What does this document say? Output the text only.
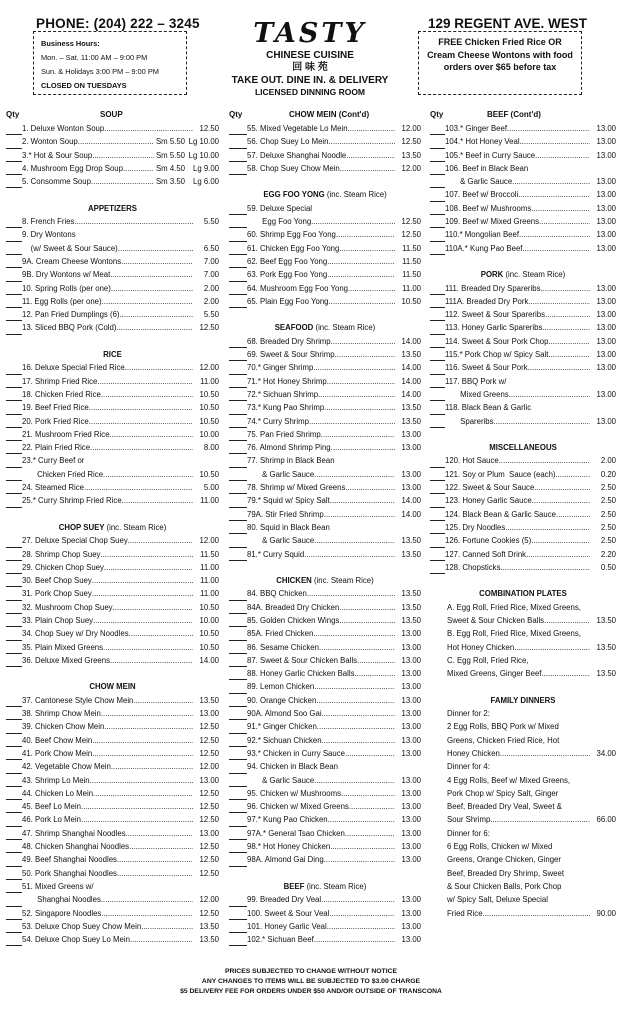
PHONE: (204) 222 – 3245	129 REGENT AVE. WEST
Business Hours:
Mon. – Sat. 11:00 AM – 9:00 PM
Sun. & Holidays 3:00 PM – 9:00 PM
CLOSED ON TUESDAYS
TASTY
CHINESE CUISINE
回 味 苑
TAKE OUT. DINE IN. & DELIVERY
LICENSED DINNING ROOM
FREE Chicken Fried Rice OR Cream Cheese Wontons with food orders over $65 before tax
Qty	SOUP	Qty	CHOW MEIN (Cont'd)	Qty	BEEF (Cont'd)
1. Deluxe Wonton Soup .....	12.50
2. Wonton Soup .....	Sm 5.50 Lg 10.00
3.* Hot & Sour Soup .....	Sm 5.50 Lg 10.00
4. Mushroom Egg Drop Soup .....	Sm 4.50	Lg 9.00
5. Consomme Soup .....	Sm 3.50	Lg 6.00
APPETIZERS
8. French Fries .....	5.50
9. Dry Wontons
(w/ Sweet & Sour Sauce) .....	6.50
9A. Cream Cheese Wontons .....	7.00
9B. Dry Wontons w/ Meat .....	7.00
10. Spring Rolls (per one) .....	2.00
11. Egg Rolls (per one) .....	2.00
12. Pan Fried Dumplings (6) .....	5.50
13. Sliced BBQ Pork (Cold) .....	12.50
RICE
16. Deluxe Special Fried Rice .....	12.00
17. Shrimp Fried Rice .....	11.00
18. Chicken Fried Rice .....	10.50
19. Beef Fried Rice .....	10.50
20. Pork Fried Rice .....	10.50
21. Mushroom Fried Rice .....	10.00
22. Plain Fried Rice .....	8.00
23.* Curry Beef or
Chicken Fried Rice .....	10.50
24. Steamed Rice .....	5.00
25.* Curry Shrimp Fried Rice .....	11.00
CHOP SUEY (inc. Steam Rice)
27. Deluxe Special Chop Suey .....	12.00
28. Shrimp Chop Suey .....	11.50
29. Chicken Chop Suey .....	11.00
30. Beef Chop Suey .....	11.00
31. Pork Chop Suey .....	11.00
32. Mushroom Chop Suey .....	10.50
33. Plain Chop Suey .....	10.00
34. Chop Suey w/ Dry Noodles .....	10.50
35. Plain Mixed Greens .....	10.50
36. Deluxe Mixed Greens .....	14.00
CHOW MEIN
37. Cantonese Style Chow Mein .....	13.50
38. Shrimp Chow Mein .....	13.00
39. Chicken Chow Mein .....	12.50
40. Beef Chow Mein .....	12.50
41. Pork Chow Mein .....	12.50
42. Vegetable Chow Mein .....	12.00
43. Shrimp Lo Mein .....	13.00
44. Chicken Lo Mein .....	12.50
45. Beef Lo Mein .....	12.50
46. Pork Lo Mein .....	12.50
47. Shrimp Shanghai Noodles .....	13.00
48. Chicken Shanghai Noodles .....	12.50
49. Beef Shanghai Noodles .....	12.50
50. Pork Shanghai Noodles .....	12.50
51. Mixed Greens w/
Shanghai Noodles .....	12.00
52. Singapore Noodles .....	12.50
53. Deluxe Chop Suey Chow Mein .....	13.50
54. Deluxe Chop Suey Lo Mein .....	13.50
55. Mixed Vegetable Lo Mein .....	12.00
56. Chop Suey Lo Mein .....	12.50
57. Deluxe Shanghai Noodle .....	13.50
58. Chop Suey Chow Mein .....	12.00
EGG FOO YONG (inc. Steam Rice)
59. Deluxe Special
Egg Foo Yong .....	12.50
60. Shrimp Egg Foo Yong .....	12.50
61. Chicken Egg Foo Yong .....	11.50
62. Beef Egg Foo Yong .....	11.50
63. Pork Egg Foo Yong .....	11.50
64. Mushroom Egg Foo Yong .....	11.00
65. Plain Egg Foo Yong .....	10.50
SEAFOOD (inc. Steam Rice)
68. Breaded Dry Shrimp .....	14.00
69. Sweet & Sour Shrimp .....	13.50
70.* Ginger Shrimp .....	14.00
71.* Hot Honey Shrimp .....	14.00
72.* Sichuan Shrimp .....	14.00
73.* Kung Pao Shrimp .....	13.50
74.* Curry Shrimp .....	13.50
75. Pan Fried Shrimp .....	13.00
76. Almond Shrimp Ping .....	13.00
77. Shrimp in Black Bean
& Garlic Sauce .....	13.00
78. Shrimp w/ Mixed Greens .....	13.00
79.* Squid w/ Spicy Salt .....	14.00
79A. Stir Fried Shrimp .....	14.00
80. Squid in Black Bean
& Garlic Sauce .....	13.50
81.* Curry Squid .....	13.50
CHICKEN (inc. Steam Rice)
84. BBQ Chicken .....	13.50
84A. Breaded Dry Chicken .....	13.50
85. Golden Chicken Wings .....	13.50
85A. Fried Chicken .....	13.00
86. Sesame Chicken .....	13.00
87. Sweet & Sour Chicken Balls .....	13.00
88. Honey Garlic Chicken Balls .....	13.00
89. Lemon Chicken .....	13.00
90. Orange Chicken .....	13.00
90A. Almond Soo Gai .....	13.00
91.* Ginger Chicken .....	13.00
92.* Sichuan Chicken .....	13.00
93.* Chicken in Curry Sauce .....	13.00
94. Chicken in Black Bean
& Garlic Sauce .....	13.00
95. Chicken w/ Mushrooms .....	13.00
96. Chicken w/ Mixed Greens .....	13.00
97.* Kung Pao Chicken .....	13.00
97A.* General Tsao Chicken .....	13.00
98.* Hot Honey Chicken .....	13.00
98A. Almond Gai Ding .....	13.00
BEEF (inc. Steam Rice)
99. Breaded Dry Veal .....	13.00
100. Sweet & Sour Veal .....	13.00
101. Honey Garlic Veal .....	13.00
102.* Sichuan Beef .....	13.00
103.* Ginger Beef .....	13.00
104.* Hot Honey Veal .....	13.00
105.* Beef in Curry Sauce .....	13.00
106. Beef in Black Bean
& Garlic Sauce .....	13.00
107. Beef w/ Broccoli .....	13.00
108. Beef w/ Mushrooms .....	13.00
109. Beef w/ Mixed Greens .....	13.00
110.* Mongolian Beef .....	13.00
110A.* Kung Pao Beef .....	13.00
PORK (inc. Steam Rice)
111. Breaded Dry Spareribs .....	13.00
111A. Breaded Dry Pork .....	13.00
112. Sweet & Sour Spareribs .....	13.00
113. Honey Garlic Spareribs .....	13.00
114. Sweet & Sour Pork Chop .....	13.00
115.* Pork Chop w/ Spicy Salt .....	13.00
116. Sweet & Sour Pork .....	13.00
117. BBQ Pork w/
Mixed Greens .....	13.00
118. Black Bean & Garlic
Spareribs .....	13.00
MISCELLANEOUS
120. Hot Sauce .....	2.00
121. Soy or Plum  Sauce (each) .....	0.20
122. Sweet & Sour Sauce .....	2.50
123. Honey Garlic Sauce .....	2.50
124. Black Bean & Garlic Sauce .....	2.50
125. Dry Noodles .....	2.50
126. Fortune Cookies (5) .....	2.50
127. Canned Soft Drink .....	2.20
128. Chopsticks .....	0.50
COMBINATION PLATES
A. Egg Roll, Fried Rice, Mixed Greens,
Sweet & Sour Chicken Balls .....	13.50
B. Egg Roll, Fried Rice, Mixed Greens,
Hot Honey Chicken .....	13.50
C. Egg Roll, Fried Rice,
Mixed Greens, Ginger Beef .....	13.50
FAMILY DINNERS
Dinner for 2:
2 Egg Rolls, BBQ Pork w/ Mixed
Greens, Chicken Fried Rice, Hot
Honey Chicken .....	34.00
Dinner for 4:
4 Egg Rolls, Beef w/ Mixed Greens,
Pork Chop w/ Spicy Salt, Ginger
Beef, Breaded Dry Veal, Sweet &
Sour Shrimp .....	66.00
Dinner for 6:
6 Egg Rolls, Chicken w/ Mixed
Greens, Orange Chicken, Ginger
Beef, Breaded Dry Shrimp, Sweet
& Sour Chicken Balls, Pork Chop
w/ Spicy Salt, Deluxe Special
Fried Rice .....	90.00
PRICES SUBJECTED TO CHANGE WITHOUT NOTICE
ANY CHANGES TO ITEMS WILL BE SUBJECTED TO $3.00 CHARGE
$5 DELIVERY FEE FOR ORDERS UNDER $50 AND/OR OUTSIDE OF TRANSCONA
